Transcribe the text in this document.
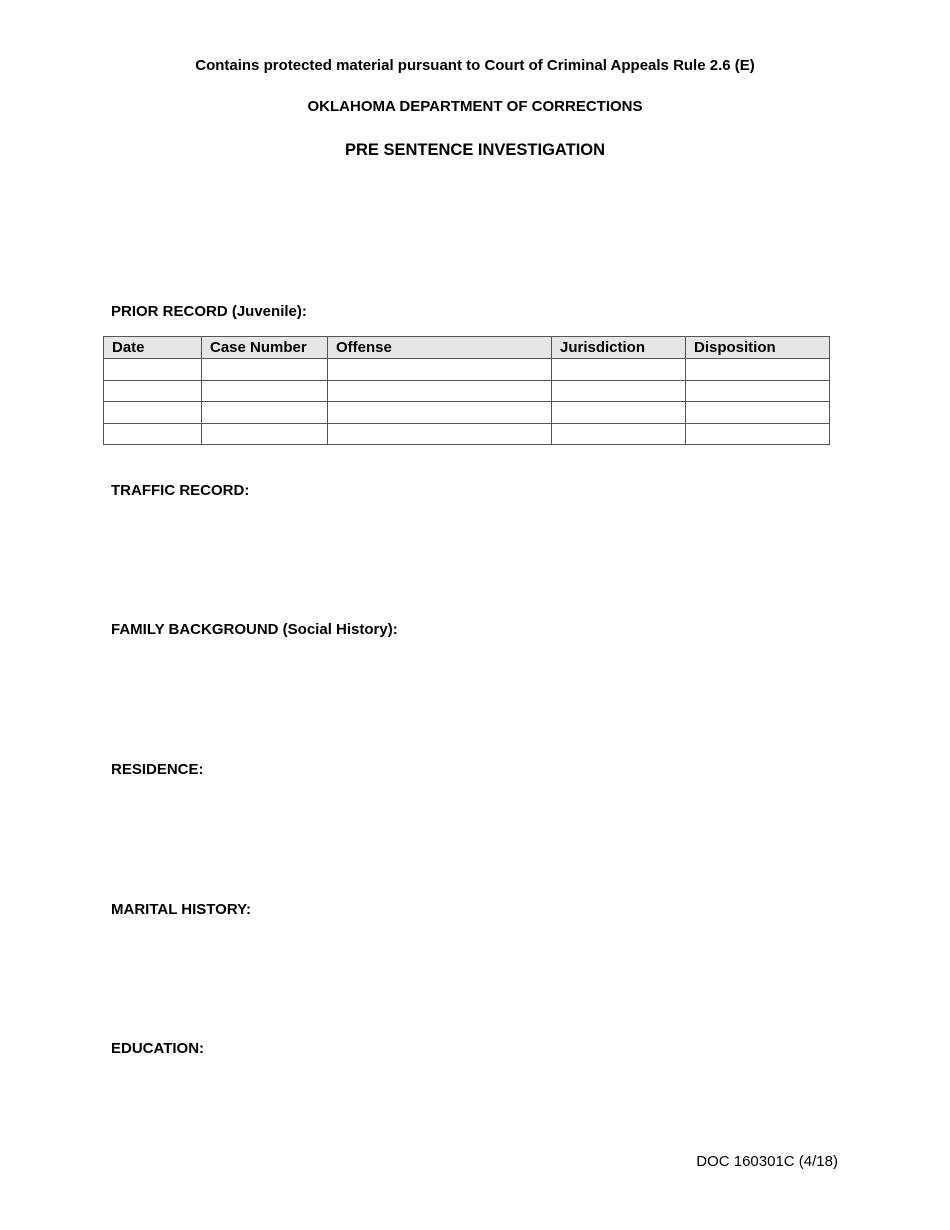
Contains protected material pursuant to Court of Criminal Appeals Rule 2.6 (E)
OKLAHOMA DEPARTMENT OF CORRECTIONS
PRE SENTENCE INVESTIGATION
PRIOR RECORD (Juvenile):
Date	Case Number	Offense	Jurisdiction	Disposition

TRAFFIC RECORD:
FAMILY BACKGROUND (Social History):
RESIDENCE:
MARITAL HISTORY:
EDUCATION:
DOC 160301C (4/18)
